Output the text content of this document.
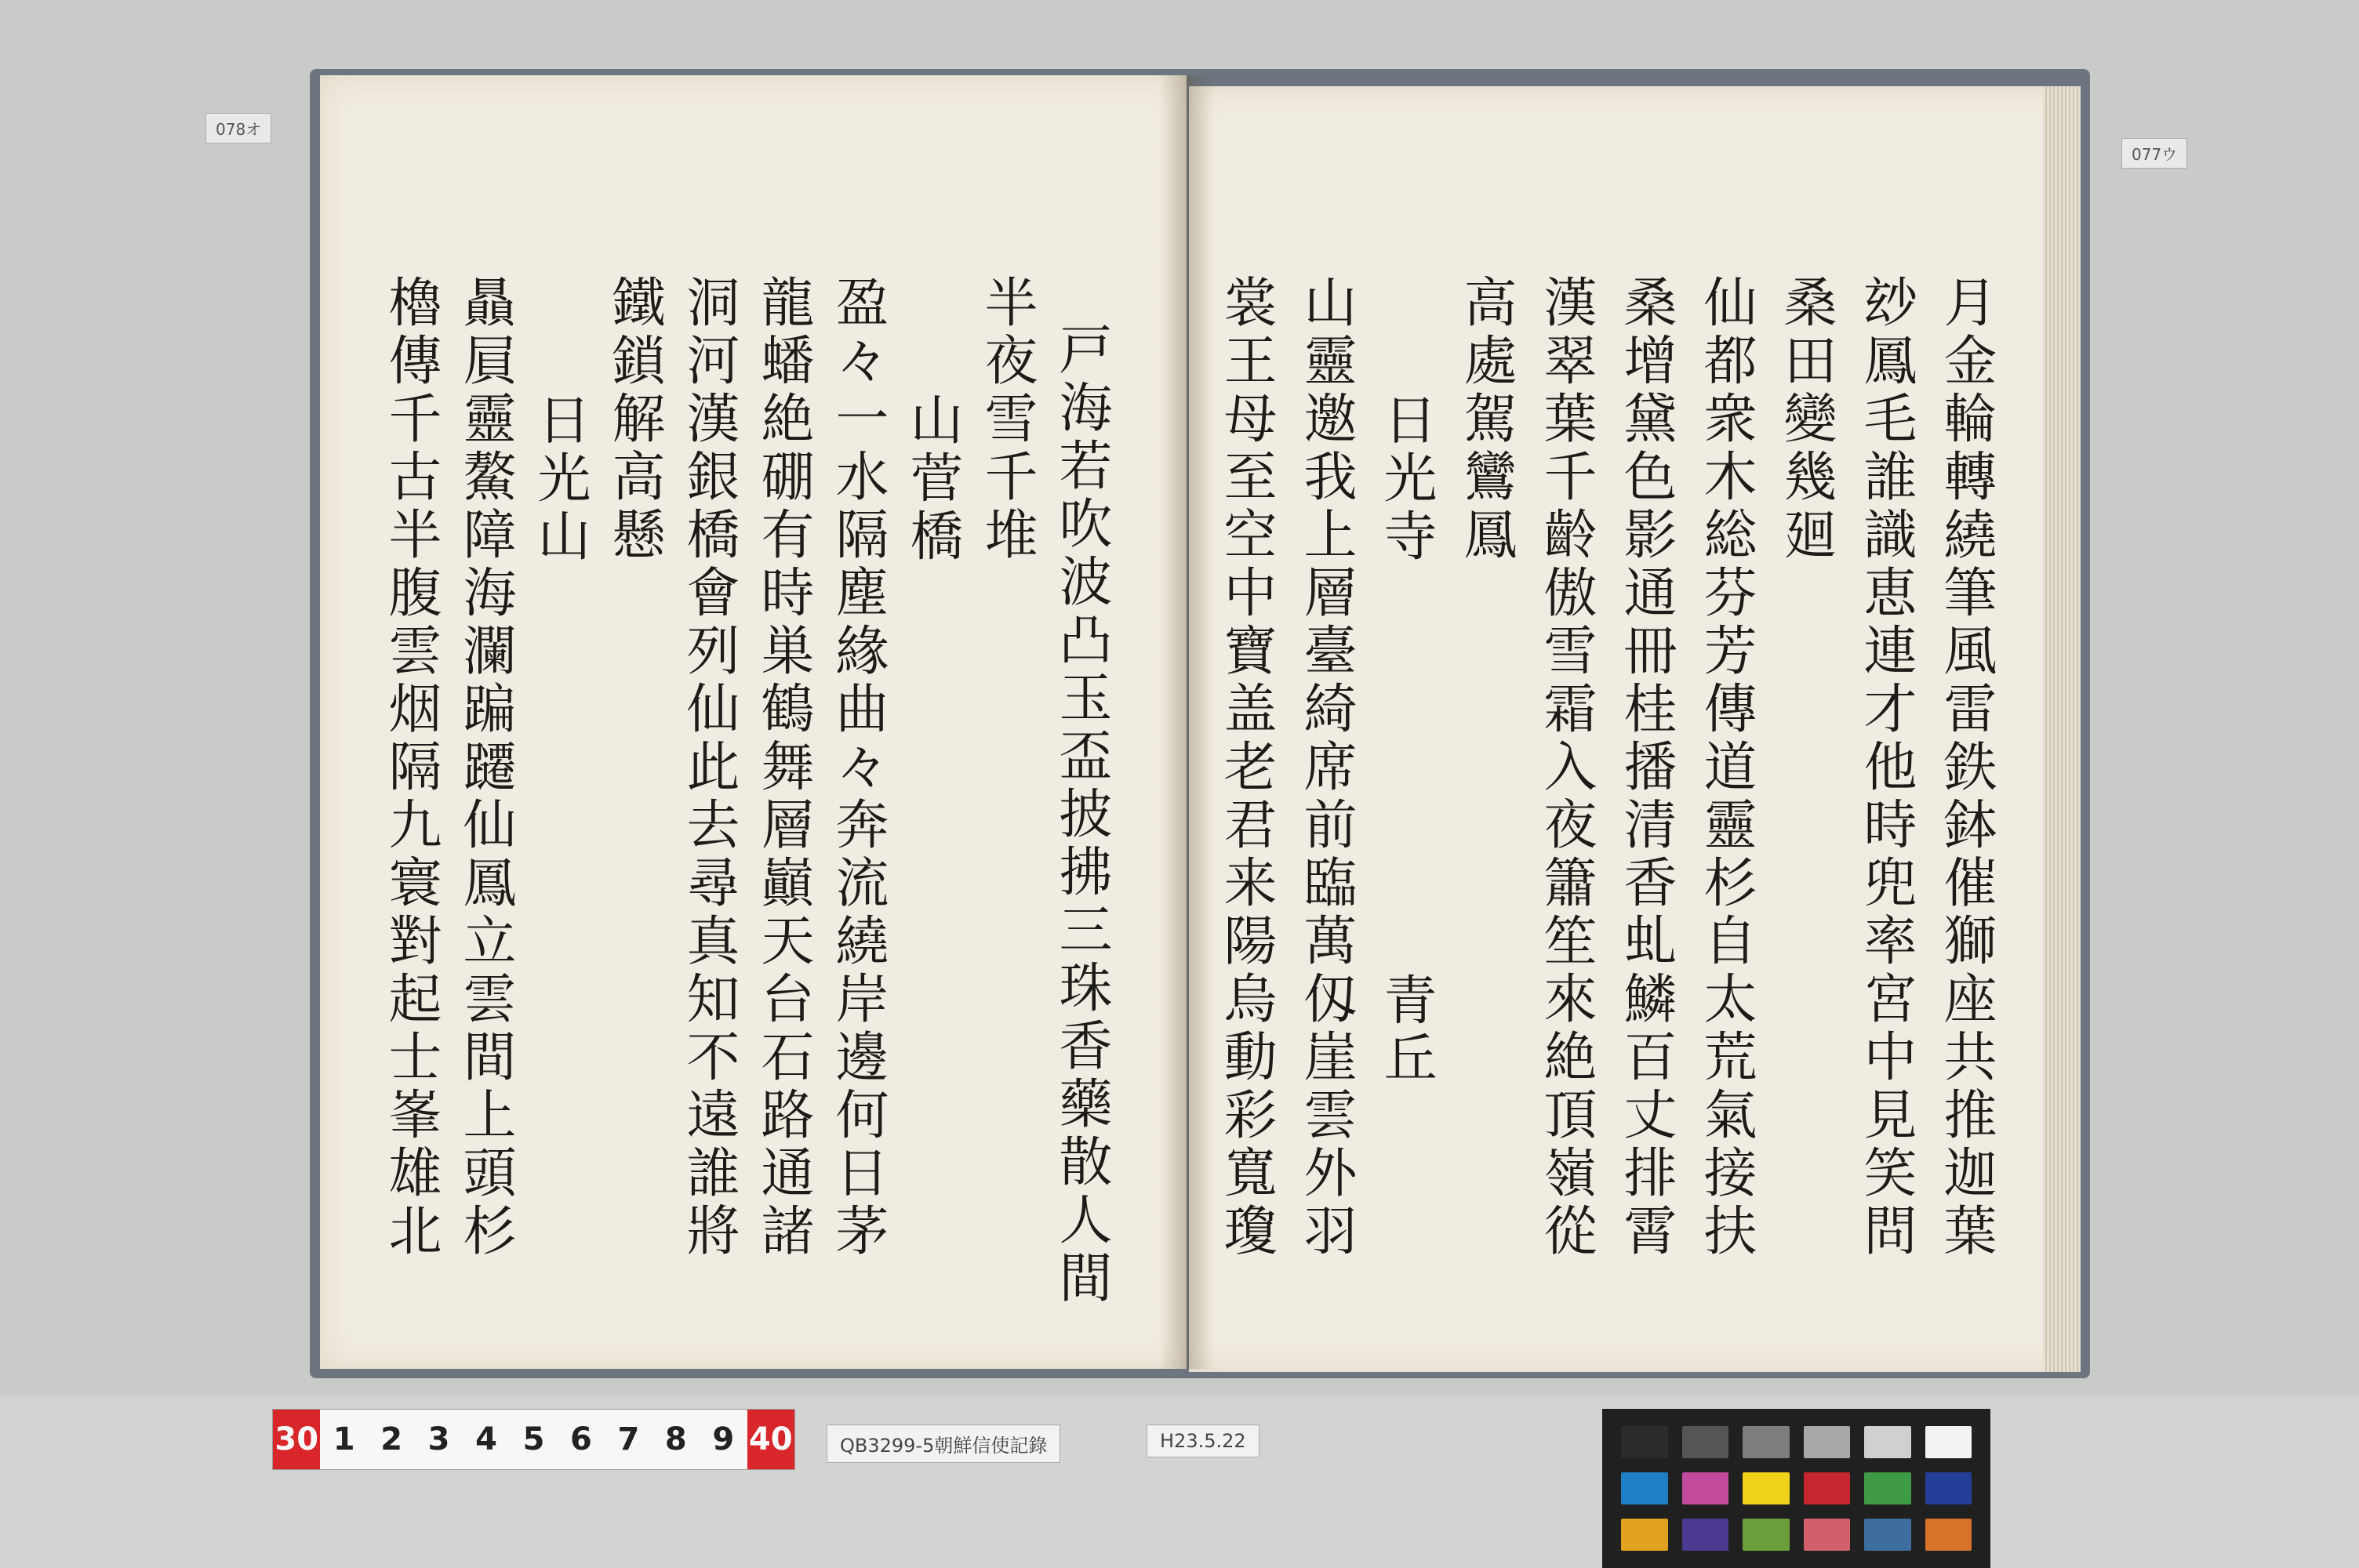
078オ
077ウ
月金輪轉繞筆風雷鉄鉢催獅座共推迦葉
玅鳳毛誰識恵連才他時兜率宮中見笑問
桑田變幾廻
仙都衆木総芬芳傳道靈杉自太荒氣接扶
桑增黛色影通冊桂播清香虬鱗百丈排霄
漢翠葉千齡傲雪霜入夜簫笙來絶頂嶺從
高處駕鸞鳳
日光寺　　　　　　　青丘
山靈邀我上層臺綺席前臨萬仭崖雲外羽
裳王母至空中寶盖老君来陽烏動彩寬瓊
戸海若吹波凸玉盃披拂三珠香藥散人間
半夜雪千堆
山菅橋
盈々一水隔塵緣曲々奔流繞岸邊何日茅
龍蟠絶硼有時巣鶴舞層巓天台石路通諸
洞河漢銀橋會列仙此去尋真知不遠誰將
鐵鎖解高懸
日光山
贔屓靈鰲障海瀾蹁躚仙鳳立雲間上頭杉
櫓傳千古半腹雲烟隔九寰對起士峯雄北
30 1 2 3 4 5 6 7 8 9 40	QB3299-5朝鮮信使記錄	H23.5.22
